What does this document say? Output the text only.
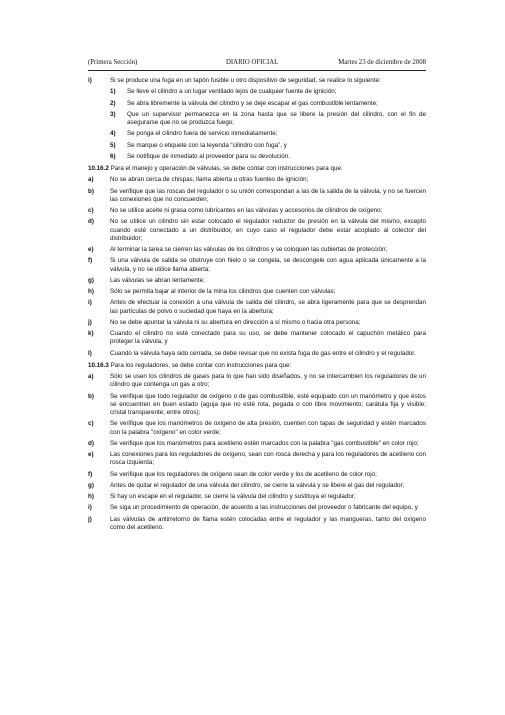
(Primera Sección)	DIARIO OFICIAL	Martes 23 de diciembre de 2008
i)	Si se produce una fuga en un tapón fusible u otro dispositivo de seguridad, se realice lo siguiente:
1) Se lleve el cilindro a un lugar ventilado lejos de cualquier fuente de ignición;
2) Se abra libremente la válvula del cilindro y se deje escapar el gas combustible lentamente;
3) Que un supervisor permanezca en la zona hasta que se libere la presión del cilindro, con el fin de asegurarse que no se produzca fuego;
4) Se ponga el cilindro fuera de servicio inmediatamente;
5) Se marque o etiquete con la leyenda “cilindro con fuga”, y
6) Se notifique de inmediato al proveedor para su devolución.
10.16.2 Para el manejo y operación de válvulas, se debe contar con instrucciones para que:
a)	No se abran cerca de chispas, llama abierta u otras fuentes de ignición;
b)	Se verifique que las roscas del regulador o su unión correspondan a las de la salida de la válvula, y no se fuercen las conexiones que no concuerden;
c)	No se utilice aceite ni grasa como lubricantes en las válvulas y accesorios de cilindros de oxígeno;
d)	No se utilice un cilindro sin estar colocado el regulador reductor de presión en la válvula del mismo, excepto cuando esté conectado a un distribuidor, en cuyo caso el regulador debe estar acoplado al colector del distribuidor;
e)	Al terminar la tarea se cierren las válvulas de los cilindros y se coloquen las cubiertas de protección;
f)	Si una válvula de salida se obstruye con hielo o se congela, se descongele con agua aplicada únicamente a la válvula, y no se utilice llama abierta;
g)	Las válvulas se abran lentamente;
h)	Sólo se permita bajar al interior de la mina los cilindros que cuenten con válvulas;
i)	Antes de efectuar la conexión a una válvula de salida del cilindro, se abra ligeramente para que se desprendan las partículas de polvo o suciedad que haya en la abertura;
j)	No se debe apuntar la válvula ni su abertura en dirección a sí mismo o hacia otra persona;
k)	Cuando el cilindro no esté conectado para su uso, se debe mantener colocado el capuchón metálico para proteger la válvula, y
l)	Cuando la válvula haya sido cerrada, se debe revisar que no exista fuga de gas entre el cilindro y el regulador.
10.16.3 Para los reguladores, se debe contar con instrucciones para que:
a)	Sólo se usen los cilindros de gases para lo que han sido diseñados, y no se intercambien los reguladores de un cilindro que contenga un gas a otro;
b)	Se verifique que todo regulador de oxígeno o de gas combustible, esté equipado con un manómetro y que éstos se encuentren en buen estado (aguja que no esté rota, pegada o con libre movimiento; carátula fija y visible; cristal transparente; entre otros);
c)	Se verifique que los manómetros de oxígeno de alta presión, cuenten con tapas de seguridad y estén marcados con la palabra "oxígeno" en color verde;
d)	Se verifique que los manómetros para acetileno estén marcados con la palabra "gas combustible" en color rojo;
e)	Las conexiones para los reguladores de oxígeno, sean con rosca derecha y para los reguladores de acetileno con rosca izquierda;
f)	Se verifique que los reguladores de oxígeno sean de color verde y los de acetileno de color rojo;
g)	Antes de quitar el regulador de una válvula del cilindro, se cierre la válvula y se libere el gas del regulador;
h)	Si hay un escape en el regulador, se cierre la válvula del cilindro y sustituya el regulador;
i)	Se siga un procedimiento de operación, de acuerdo a las instrucciones del proveedor o fabricante del equipo, y
j)	Las válvulas de antirretorno de flama estén colocadas entre el regulador y las mangueras, tanto del oxígeno como del acetileno.
